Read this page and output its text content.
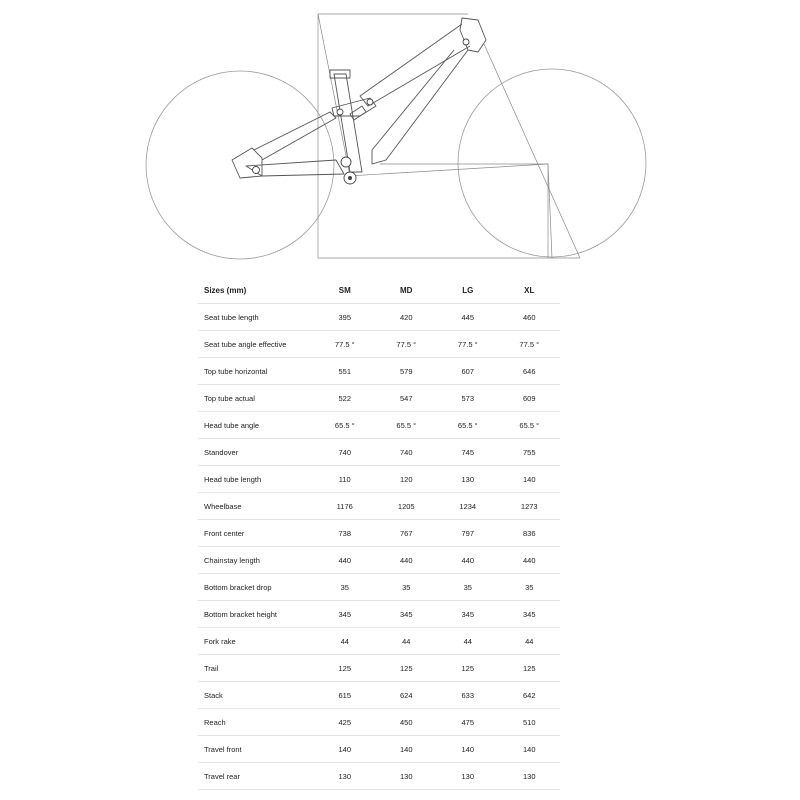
Sizes (mm)	SM	MD	LG	XL
Seat tube length	395	420	445	460
Seat tube angle effective	77.5 °	77.5 °	77.5 °	77.5 °
Top tube horizontal	551	579	607	646
Top tube actual	522	547	573	609
Head tube angle	65.5 °	65.5 °	65.5 °	65.5 °
Standover	740	740	745	755
Head tube length	110	120	130	140
Wheelbase	1176	1205	1234	1273
Front center	738	767	797	836
Chainstay length	440	440	440	440
Bottom bracket drop	35	35	35	35
Bottom bracket height	345	345	345	345
Fork rake	44	44	44	44
Trail	125	125	125	125
Stack	615	624	633	642
Reach	425	450	475	510
Travel front	140	140	140	140
Travel rear	130	130	130	130
